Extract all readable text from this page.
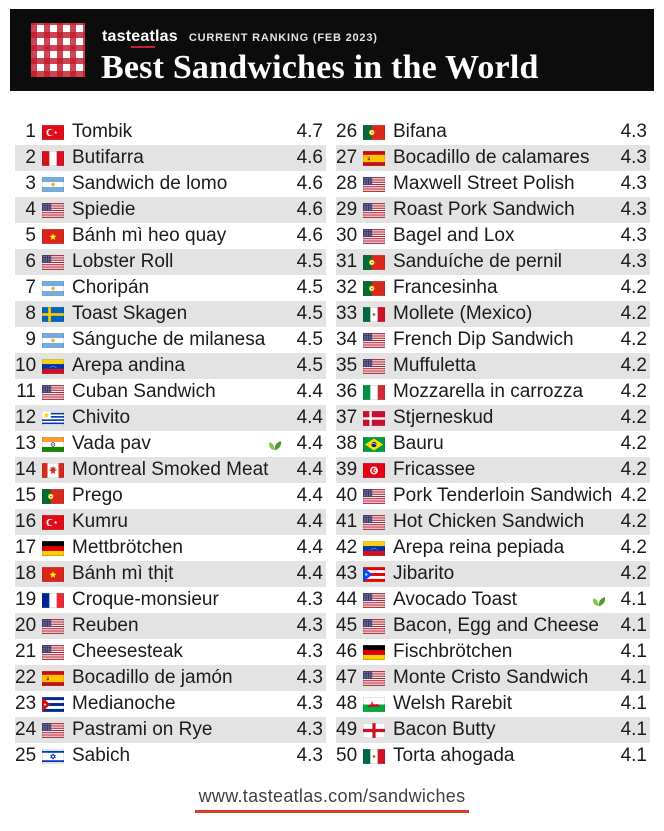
tasteatlas CURRENT RANKING (FEB 2023)
Best Sandwiches in the World
1 Tombik	4.7
2 Butifarra	4.6
3 Sandwich de lomo	4.6
4 Spiedie	4.6
5 Bánh mì heo quay	4.6
6 Lobster Roll	4.5
7 Choripán	4.5
8 Toast Skagen	4.5
9 Sánguche de milanesa	4.5
10 Arepa andina	4.5
11 Cuban Sandwich	4.4
12 Chivito	4.4
13 Vada pav	4.4
14 Montreal Smoked Meat	4.4
15 Prego	4.4
16 Kumru	4.4
17 Mettbrötchen	4.4
18 Bánh mì thịt	4.4
19 Croque-monsieur	4.3
20 Reuben	4.3
21 Cheesesteak	4.3
22 Bocadillo de jamón	4.3
23 Medianoche	4.3
24 Pastrami on Rye	4.3
25 Sabich	4.3
26 Bifana	4.3
27 Bocadillo de calamares	4.3
28 Maxwell Street Polish	4.3
29 Roast Pork Sandwich	4.3
30 Bagel and Lox	4.3
31 Sanduíche de pernil	4.3
32 Francesinha	4.2
33 Mollete (Mexico)	4.2
34 French Dip Sandwich	4.2
35 Muffuletta	4.2
36 Mozzarella in carrozza	4.2
37 Stjerneskud	4.2
38 Bauru	4.2
39 Fricassee	4.2
40 Pork Tenderloin Sandwich 4.2
41 Hot Chicken Sandwich	4.2
42 Arepa reina pepiada	4.2
43 Jibarito	4.2
44 Avocado Toast	4.1
45 Bacon, Egg and Cheese	4.1
46 Fischbrötchen	4.1
47 Monte Cristo Sandwich	4.1
48 Welsh Rarebit	4.1
49 Bacon Butty	4.1
50 Torta ahogada	4.1
www.tasteatlas.com/sandwiches
